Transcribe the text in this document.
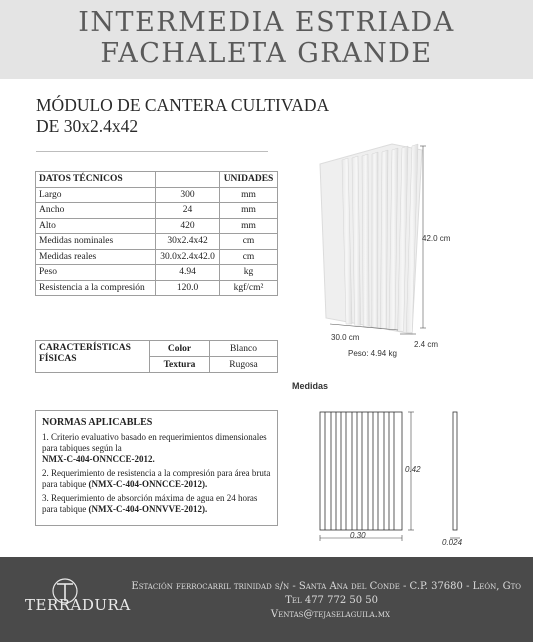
INTERMEDIA ESTRIADA
FACHALETA GRANDE
MÓDULO DE CANTERA CULTIVADA
DE 30x2.4x42
DATOS TÉCNICOS		UNIDADES
Largo	300	mm
Ancho	24	mm
Alto	420	mm
Medidas nominales	30x2.4x42	cm
Medidas reales	30.0x2.4x42.0	cm
Peso	4.94	kg
Resistencia a la compresión	120.0	kgf/cm²
CARACTERÍSTICAS
FÍSICAS	Color	Blanco
	Textura	Rugosa
NORMAS APLICABLES

1. Criterio evaluativo basado en requerimientos dimensionales para tabiques según la
NMX-C-404-ONNCCE-2012.

2. Requerimiento de resistencia a la compresión para área bruta para tabique (NMX-C-404-ONNCCE-2012).

3. Requerimiento de absorción máxima de agua en 24 horas para tabique (NMX-C-404-ONNVVE-2012).

42.0 cm
30.0 cm
2.4 cm
Peso: 4.94 kg
Medidas
0.42
0.30
0.024
TERRADURA
Estación ferrocarril trinidad s/n - Santa Ana del Conde - C.P. 37680 - León, Gto
Tel 477 772 50 50
Ventas@tejaselaguila.mx
